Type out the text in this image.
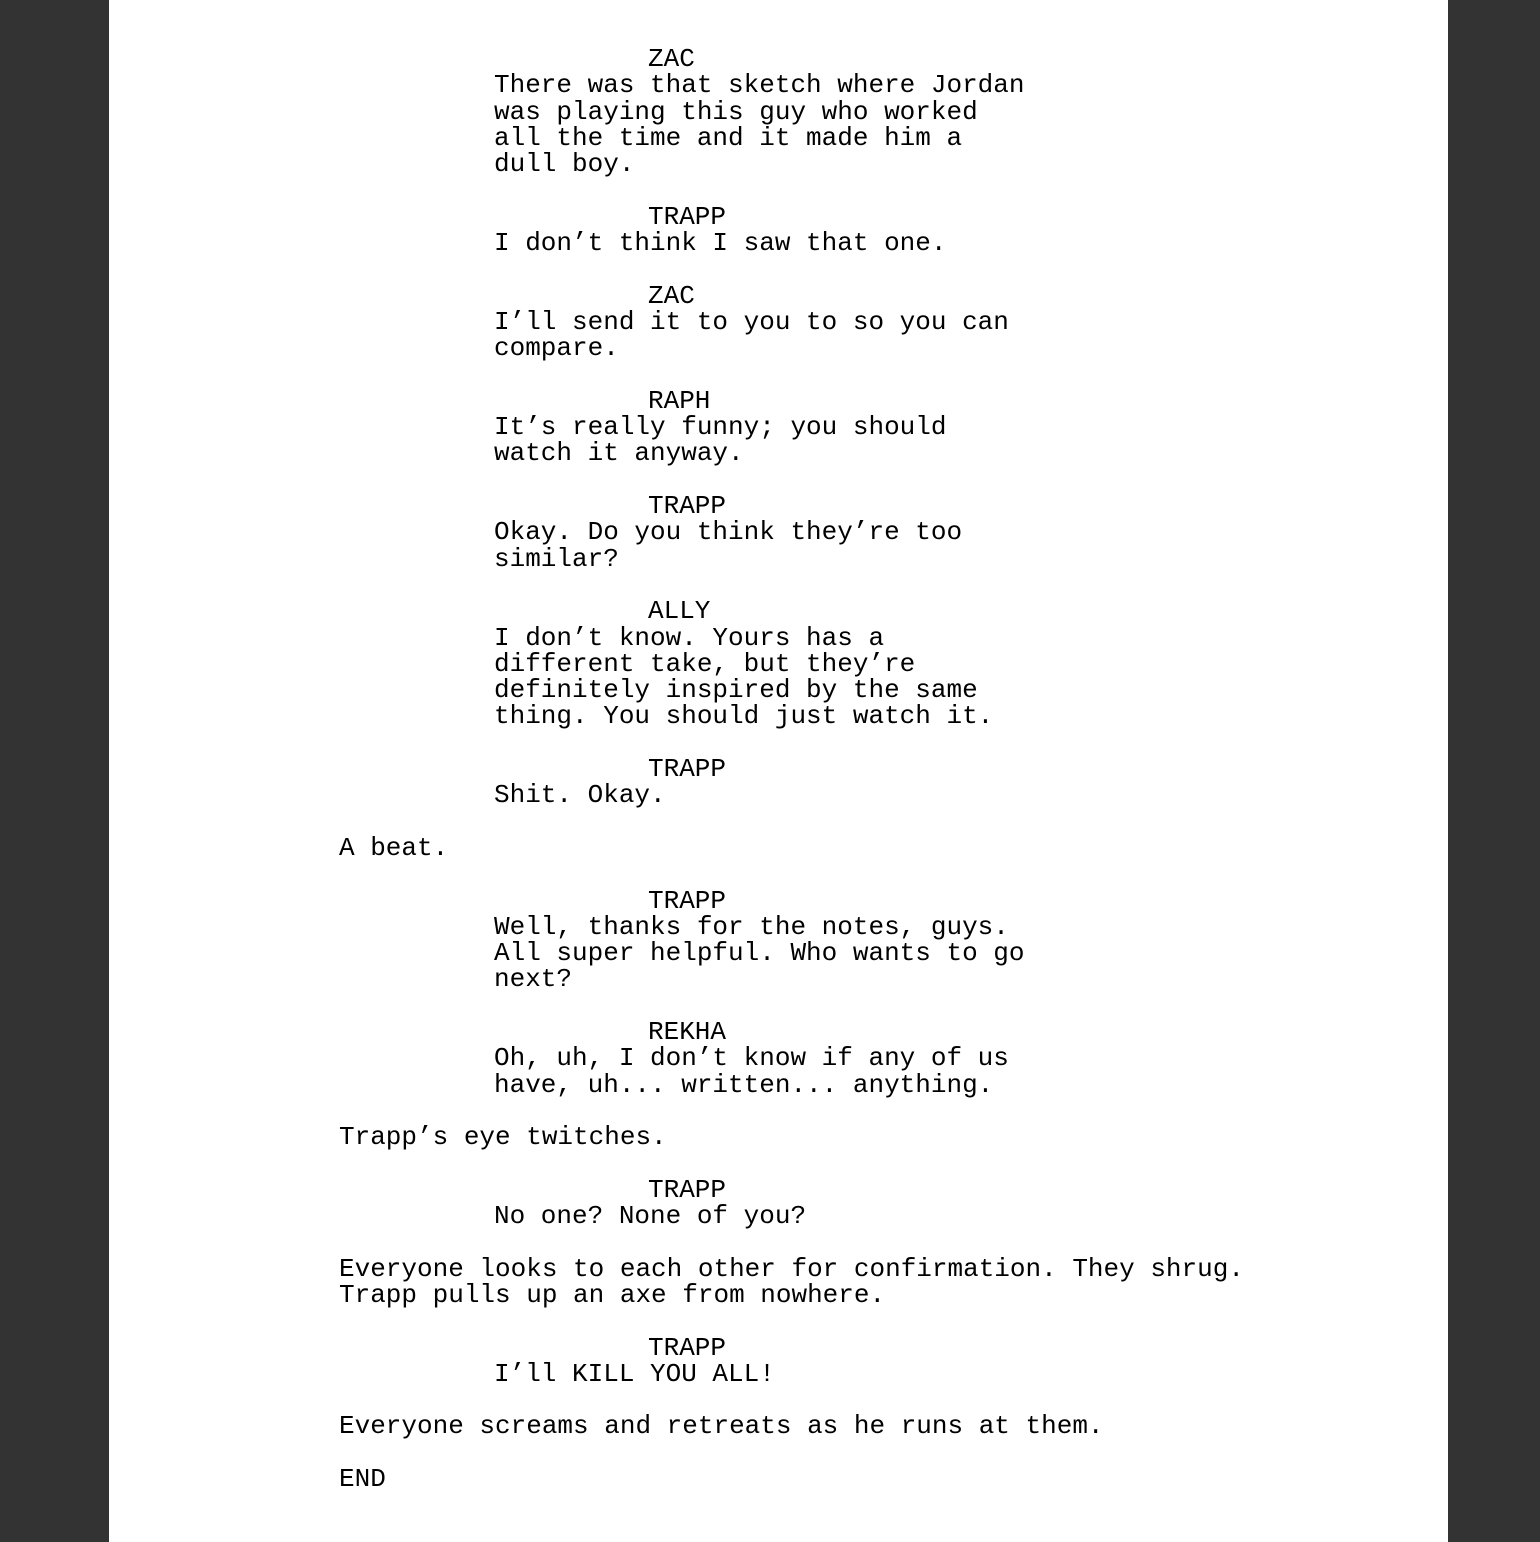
ZAC
There was that sketch where Jordan
was playing this guy who worked
all the time and it made him a
dull boy.
TRAPP
I don’t think I saw that one.
ZAC
I’ll send it to you to so you can
compare.
RAPH
It’s really funny; you should
watch it anyway.
TRAPP
Okay. Do you think they’re too
similar?
ALLY
I don’t know. Yours has a
different take, but they’re
definitely inspired by the same
thing. You should just watch it.
TRAPP
Shit. Okay.
A beat.
TRAPP
Well, thanks for the notes, guys.
All super helpful. Who wants to go
next?
REKHA
Oh, uh, I don’t know if any of us
have, uh... written... anything.
Trapp’s eye twitches.
TRAPP
No one? None of you?
Everyone looks to each other for confirmation. They shrug.
Trapp pulls up an axe from nowhere.
TRAPP
I’ll KILL YOU ALL!
Everyone screams and retreats as he runs at them.
END
